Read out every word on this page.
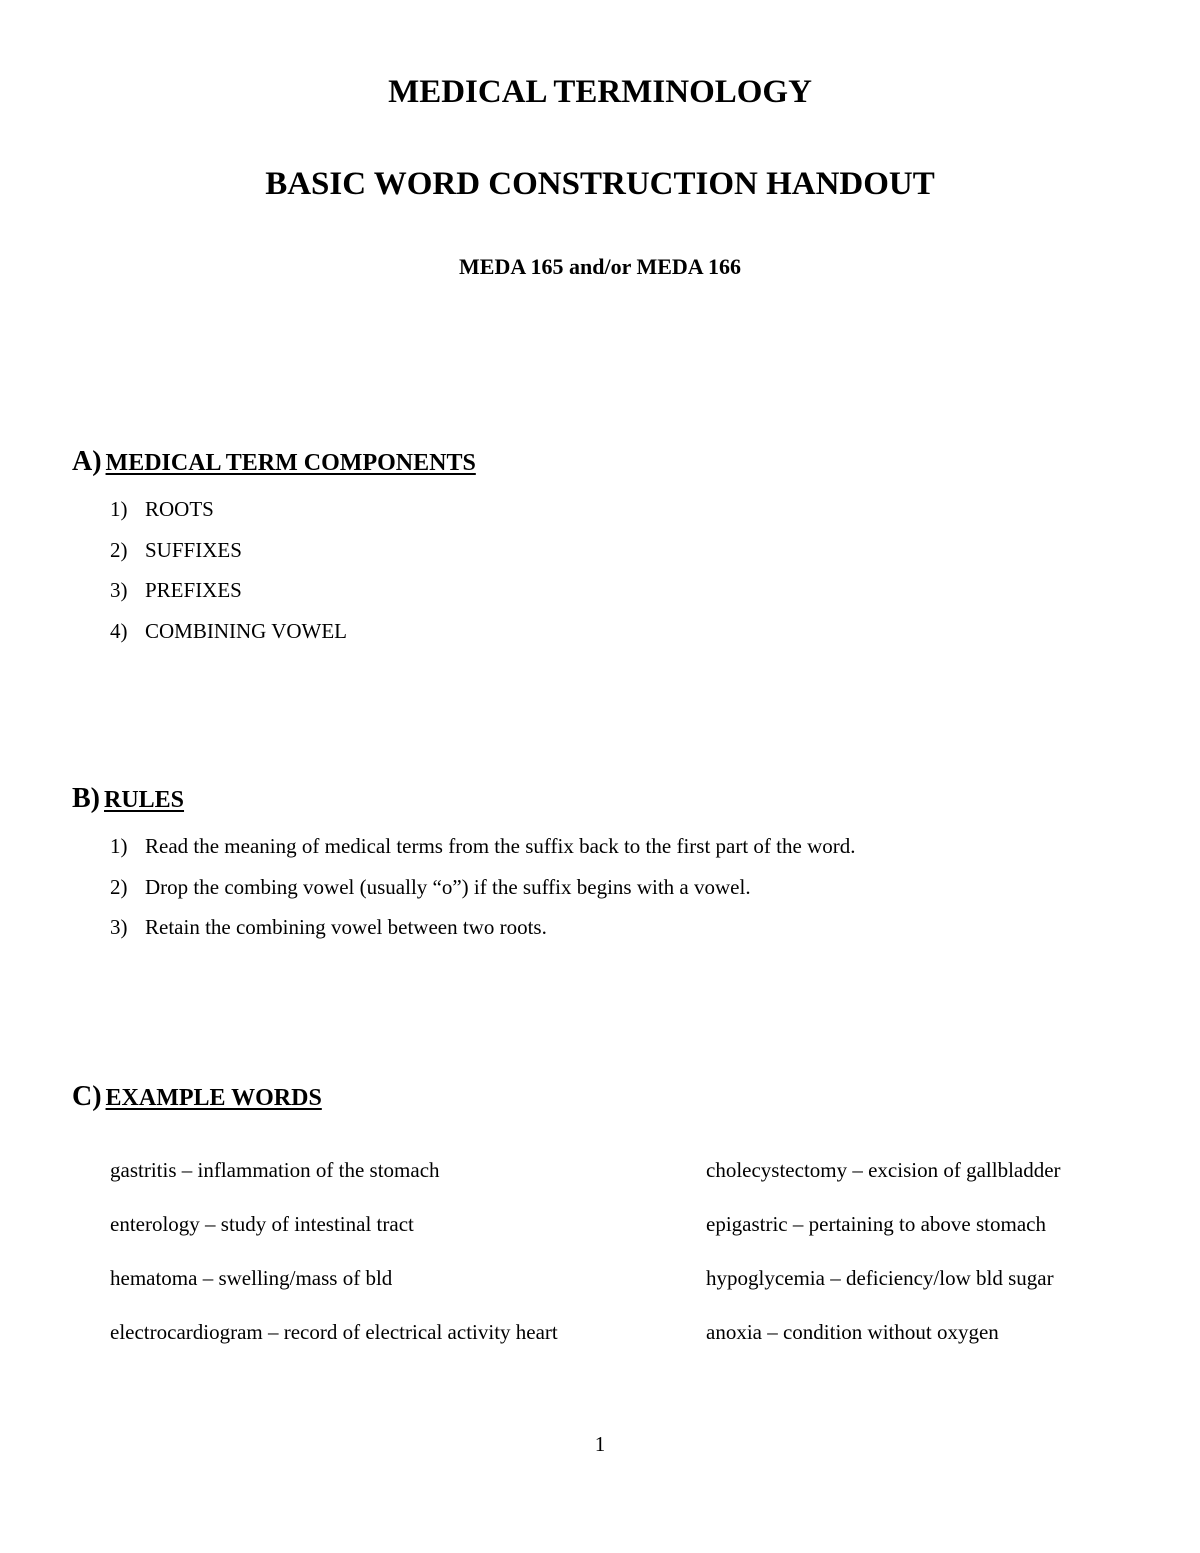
MEDICAL TERMINOLOGY
BASIC WORD CONSTRUCTION HANDOUT
MEDA 165 and/or MEDA 166
A) MEDICAL TERM COMPONENTS
1) ROOTS
2) SUFFIXES
3) PREFIXES
4) COMBINING VOWEL
B) RULES
1) Read the meaning of medical terms from the suffix back to the first part of the word.
2) Drop the combing vowel (usually “o”) if the suffix begins with a vowel.
3) Retain the combining vowel between two roots.
C) EXAMPLE WORDS
gastritis – inflammation of the stomach
enterology – study of intestinal tract
hematoma – swelling/mass of bld
electrocardiogram – record of electrical activity heart
cholecystectomy – excision of gallbladder
epigastric – pertaining to above stomach
hypoglycemia – deficiency/low bld sugar
anoxia – condition without oxygen
1
